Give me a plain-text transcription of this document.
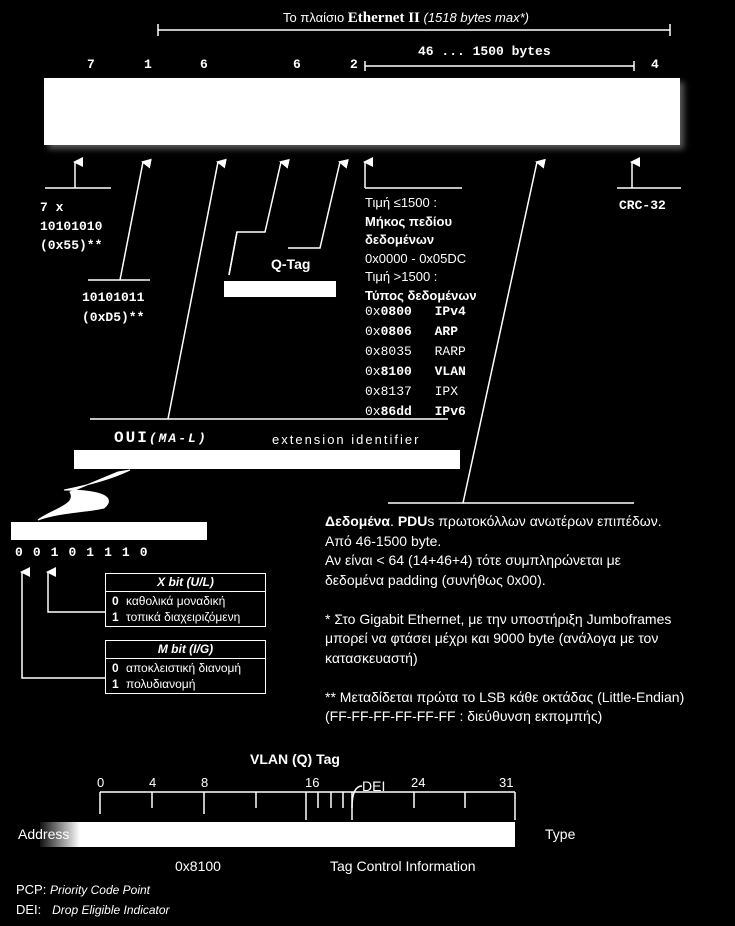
Το πλαίσιο Ethernet II (1518 bytes max*)
7	1	6	6	2
46 ... 1500 bytes
4
7 x
10101010
(0x55)**
10101011
(0xD5)**
Q-Tag
CRC-32
Τιμή ≤1500 :
Μήκος πεδίου
δεδομένων
0x0000 - 0x05DC
Τιμή >1500 :
Τύπος δεδομένων
0x0800 IPv4
0x0806 ARP
0x8035 RARP
0x8100 VLAN
0x8137 IPX
0x86dd IPv6
OUI(MA-L)	extension identifier
00101110
X bit (U/L)
0 καθολικά μοναδική
1 τοπικά διαχειριζόμενη
M bit (I/G)
0 αποκλειστική διανομή
1 πολυδιανομή
Δεδομένα. PDUs πρωτοκόλλων ανωτέρων επιπέδων.
Από 46-1500 byte.
Αν είναι < 64 (14+46+4) τότε συμπληρώνεται με
δεδομένα padding (συνήθως 0x00).
* Στο Gigabit Ethernet, με την υποστήριξη Jumboframes
μπορεί να φτάσει μέχρι και 9000 byte (ανάλογα με τον
κατασκευαστή)
** Μεταδίδεται πρώτα το LSB κάθε οκτάδας (Little-Endian)
(FF-FF-FF-FF-FF-FF : διεύθυνση εκπομπής)
VLAN (Q) Tag
0	4	8	16	DEI 24	31
Address	Type
0x8100	Tag Control Information
PCP: Priority Code Point
DEI: Drop Eligible Indicator
